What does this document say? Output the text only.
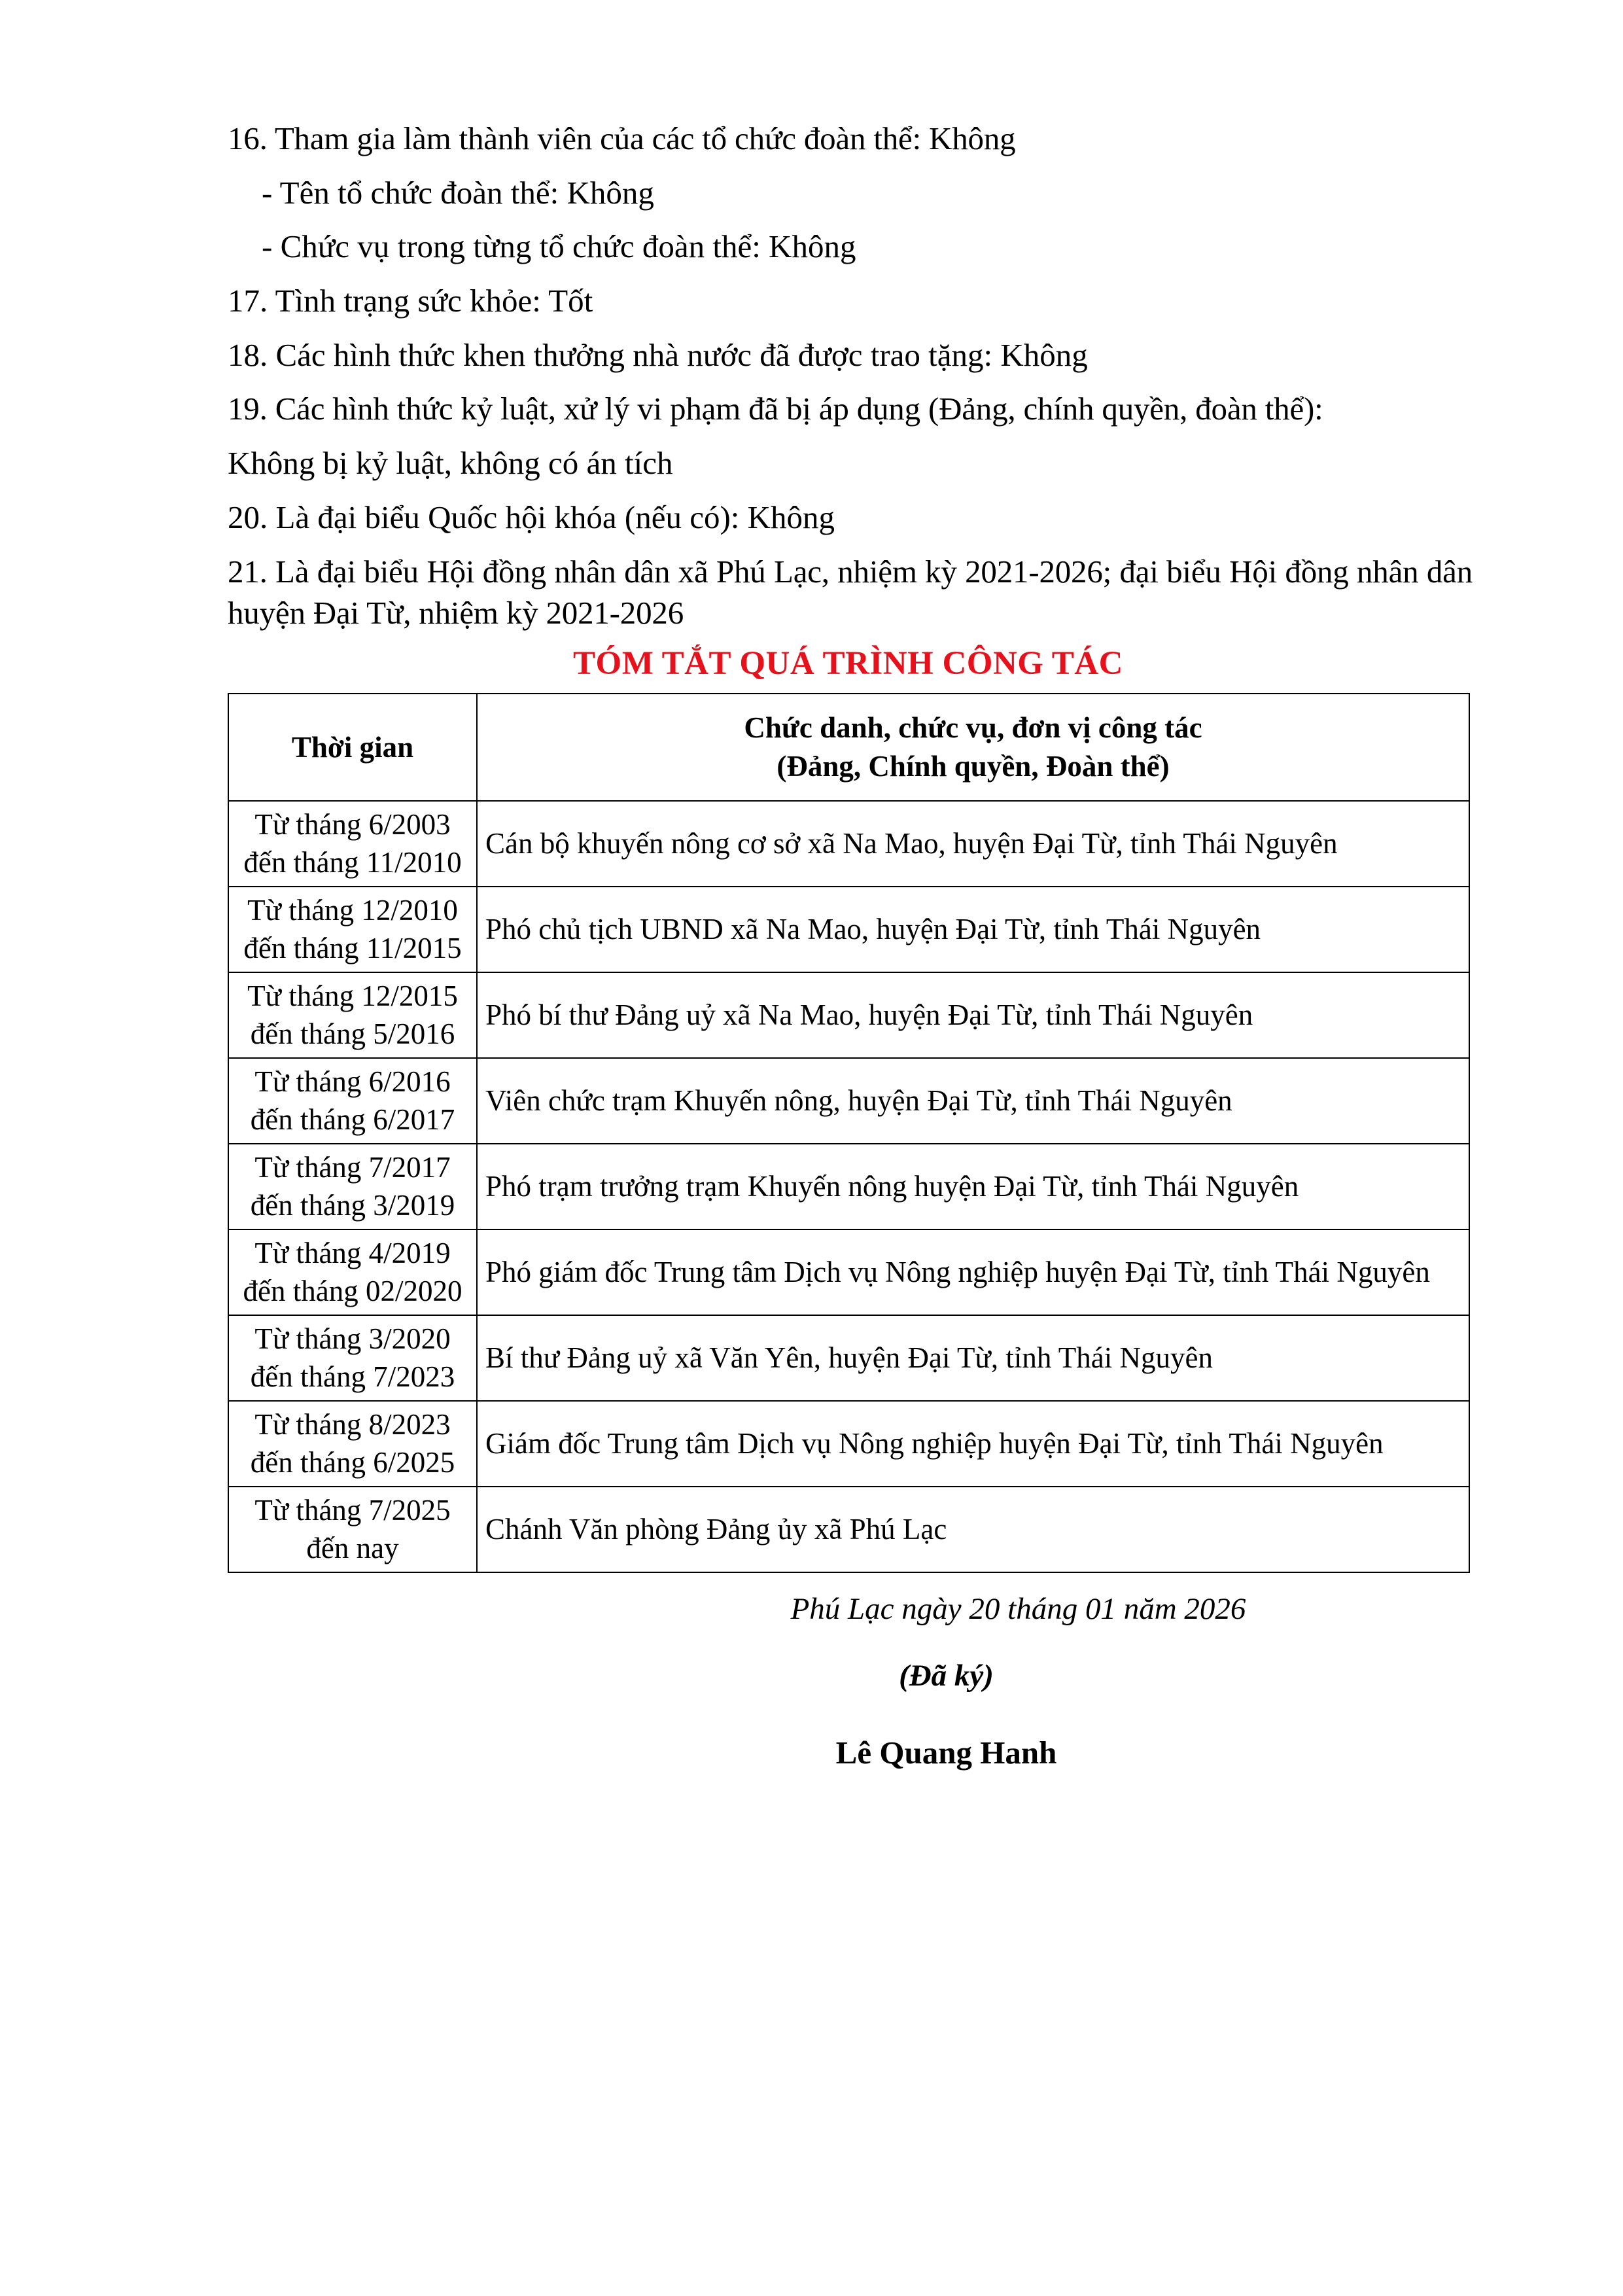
16. Tham gia làm thành viên của các tổ chức đoàn thể: Không

- Tên tổ chức đoàn thể: Không

- Chức vụ trong từng tổ chức đoàn thể: Không

17. Tình trạng sức khỏe: Tốt

18. Các hình thức khen thưởng nhà nước đã được trao tặng: Không

19. Các hình thức kỷ luật, xử lý vi phạm đã bị áp dụng (Đảng, chính quyền, đoàn thể):

Không bị kỷ luật, không có án tích

20. Là đại biểu Quốc hội khóa (nếu có): Không

21. Là đại biểu Hội đồng nhân dân xã Phú Lạc, nhiệm kỳ 2021-2026; đại biểu Hội đồng nhân dân huyện Đại Từ, nhiệm kỳ 2021-2026

TÓM TẮT QUÁ TRÌNH CÔNG TÁC
Thời gian	Chức danh, chức vụ, đơn vị công tác
(Đảng, Chính quyền, Đoàn thể)

Từ tháng 6/2003
đến tháng 11/2010	Cán bộ khuyến nông cơ sở xã Na Mao, huyện Đại Từ, tỉnh Thái Nguyên

Từ tháng 12/2010
đến tháng 11/2015	Phó chủ tịch UBND xã Na Mao, huyện Đại Từ, tỉnh Thái Nguyên

Từ tháng 12/2015
đến tháng 5/2016	Phó bí thư Đảng uỷ xã Na Mao, huyện Đại Từ, tỉnh Thái Nguyên

Từ tháng 6/2016
đến tháng 6/2017	Viên chức trạm Khuyến nông, huyện Đại Từ, tỉnh Thái Nguyên

Từ tháng 7/2017
đến tháng 3/2019	Phó trạm trưởng trạm Khuyến nông huyện Đại Từ, tỉnh Thái Nguyên

Từ tháng 4/2019
đến tháng 02/2020	Phó giám đốc Trung tâm Dịch vụ Nông nghiệp huyện Đại Từ, tỉnh Thái Nguyên

Từ tháng 3/2020
đến tháng 7/2023	Bí thư Đảng uỷ xã Văn Yên, huyện Đại Từ, tỉnh Thái Nguyên

Từ tháng 8/2023
đến tháng 6/2025	Giám đốc Trung tâm Dịch vụ Nông nghiệp huyện Đại Từ, tỉnh Thái Nguyên

Từ tháng 7/2025
đến nay	Chánh Văn phòng Đảng ủy xã Phú Lạc

Phú Lạc ngày 20 tháng 01 năm 2026

(Đã ký)

Lê Quang Hanh
